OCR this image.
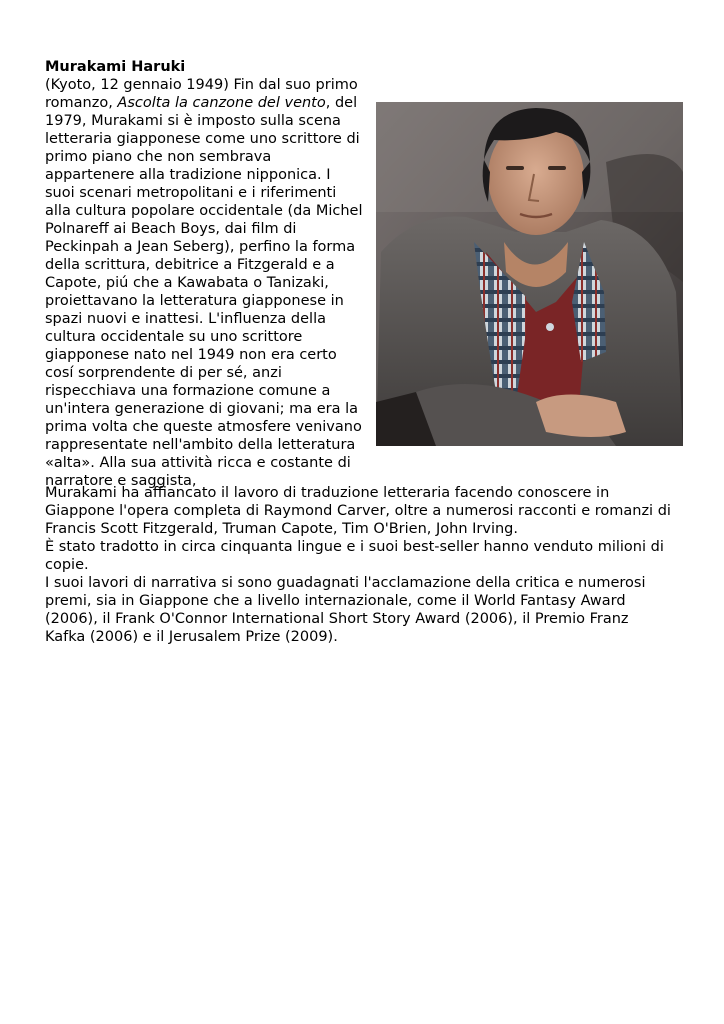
Murakami Haruki
(Kyoto, 12 gennaio 1949) Fin dal suo primo
romanzo, Ascolta la canzone del vento, del
1979, Murakami si è imposto sulla scena
letteraria giapponese come uno scrittore di
primo piano che non sembrava
appartenere alla tradizione nipponica. I
suoi scenari metropolitani e i riferimenti
alla cultura popolare occidentale (da Michel
Polnareff ai Beach Boys, dai film di
Peckinpah a Jean Seberg), perfino la forma
della scrittura, debitrice a Fitzgerald e a
Capote, piú che a Kawabata o Tanizaki,
proiettavano la letteratura giapponese in
spazi nuovi e inattesi. L'influenza della
cultura occidentale su uno scrittore
giapponese nato nel 1949 non era certo
cosí sorprendente di per sé, anzi
rispecchiava una formazione comune a
un'intera generazione di giovani; ma era la
prima volta che queste atmosfere venivano
rappresentate nell'ambito della letteratura
«alta». Alla sua attività ricca e costante di
narratore e saggista,
Murakami ha affiancato il lavoro di traduzione letteraria facendo conoscere in
Giappone l'opera completa di Raymond Carver, oltre a numerosi racconti e romanzi di
Francis Scott Fitzgerald, Truman Capote, Tim O'Brien, John Irving.
È stato tradotto in circa cinquanta lingue e i suoi best-seller hanno venduto milioni di
copie.
I suoi lavori di narrativa si sono guadagnati l'acclamazione della critica e numerosi
premi, sia in Giappone che a livello internazionale, come il World Fantasy Award
(2006), il Frank O'Connor International Short Story Award (2006), il Premio Franz
Kafka (2006) e il Jerusalem Prize (2009).
